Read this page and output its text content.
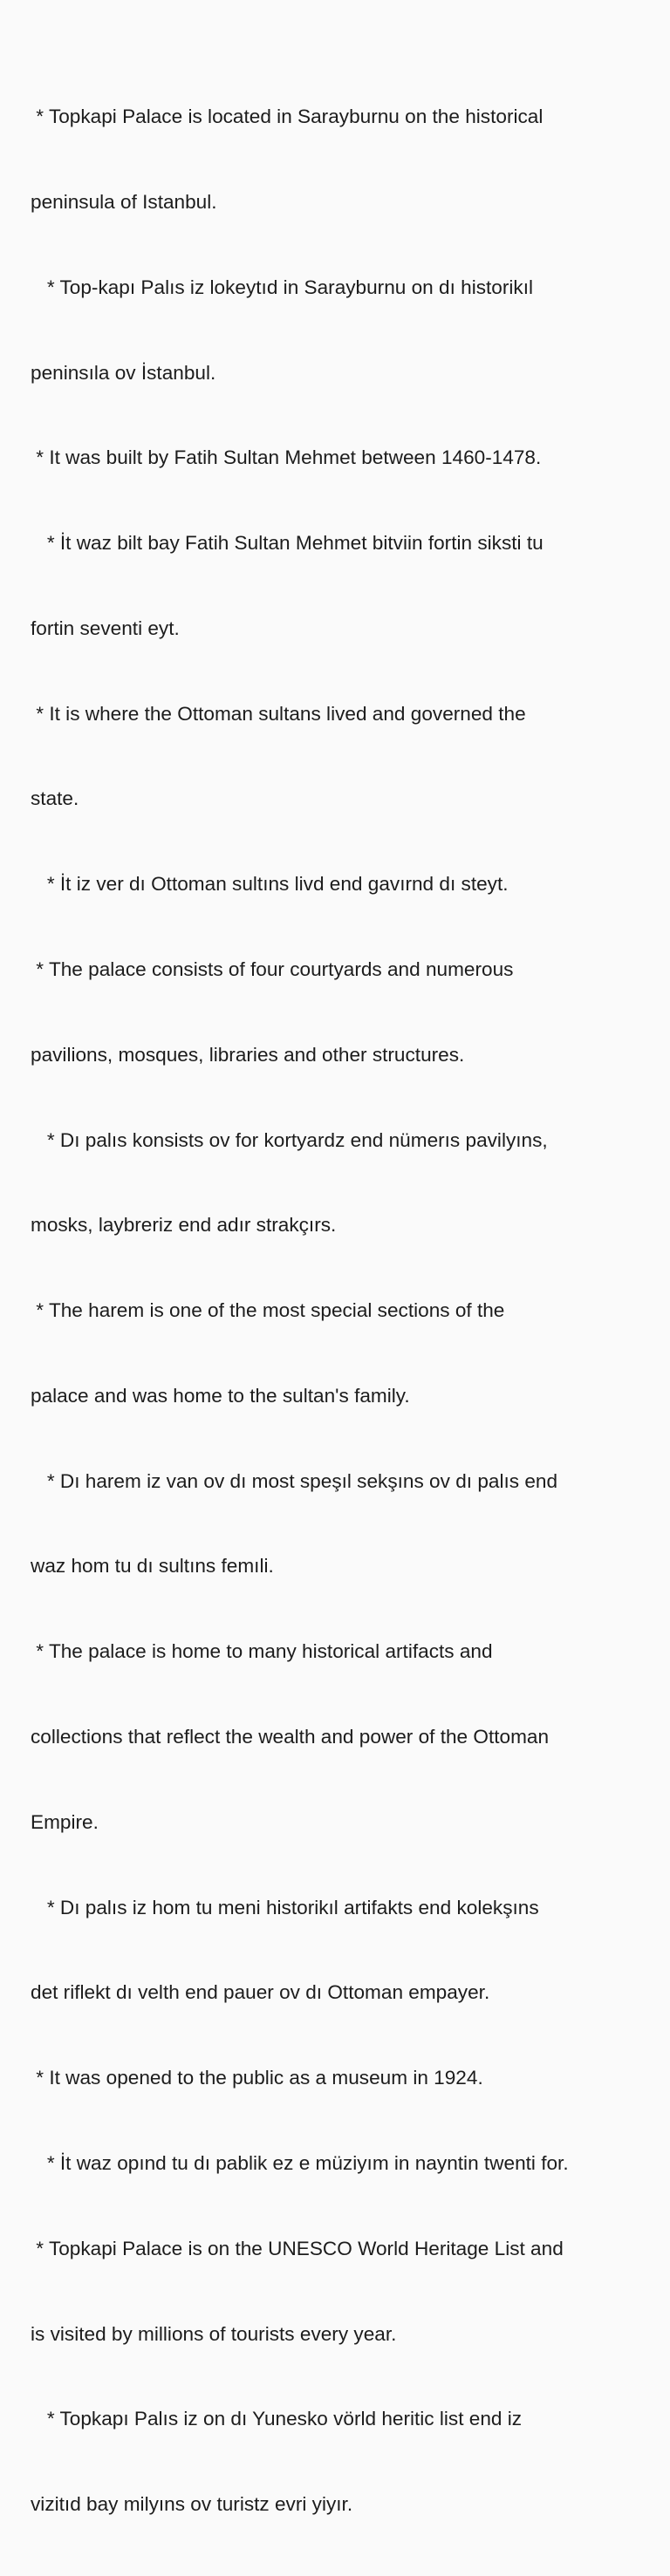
* Topkapi Palace is located in Sarayburnu on the historical

peninsula of Istanbul.

* Top-kapı Palıs iz lokeytıd in Sarayburnu on dı historikıl

peninsıla ov İstanbul.

* It was built by Fatih Sultan Mehmet between 1460-1478.

* İt waz bilt bay Fatih Sultan Mehmet bitviin fortin siksti tu

fortin seventi eyt.

* It is where the Ottoman sultans lived and governed the

state.

* İt iz ver dı Ottoman sultıns livd end gavırnd dı steyt.

* The palace consists of four courtyards and numerous

pavilions, mosques, libraries and other structures.

* Dı palıs konsists ov for kortyardz end nümerıs pavilyıns,

mosks, laybreriz end adır strakçırs.

* The harem is one of the most special sections of the

palace and was home to the sultan's family.

* Dı harem iz van ov dı most speşıl sekşıns ov dı palıs end

waz hom tu dı sultıns femıli.

* The palace is home to many historical artifacts and

collections that reflect the wealth and power of the Ottoman

Empire.

* Dı palıs iz hom tu meni historikıl artifakts end kolekşıns

det riflekt dı velth end pauer ov dı Ottoman empayer.

* It was opened to the public as a museum in 1924.

* İt waz opınd tu dı pablik ez e müziyım in nayntin twenti for.

* Topkapi Palace is on the UNESCO World Heritage List and

is visited by millions of tourists every year.

* Topkapı Palıs iz on dı Yunesko vörld heritic list end iz

vizitıd bay milyıns ov turistz evri yiyır.
